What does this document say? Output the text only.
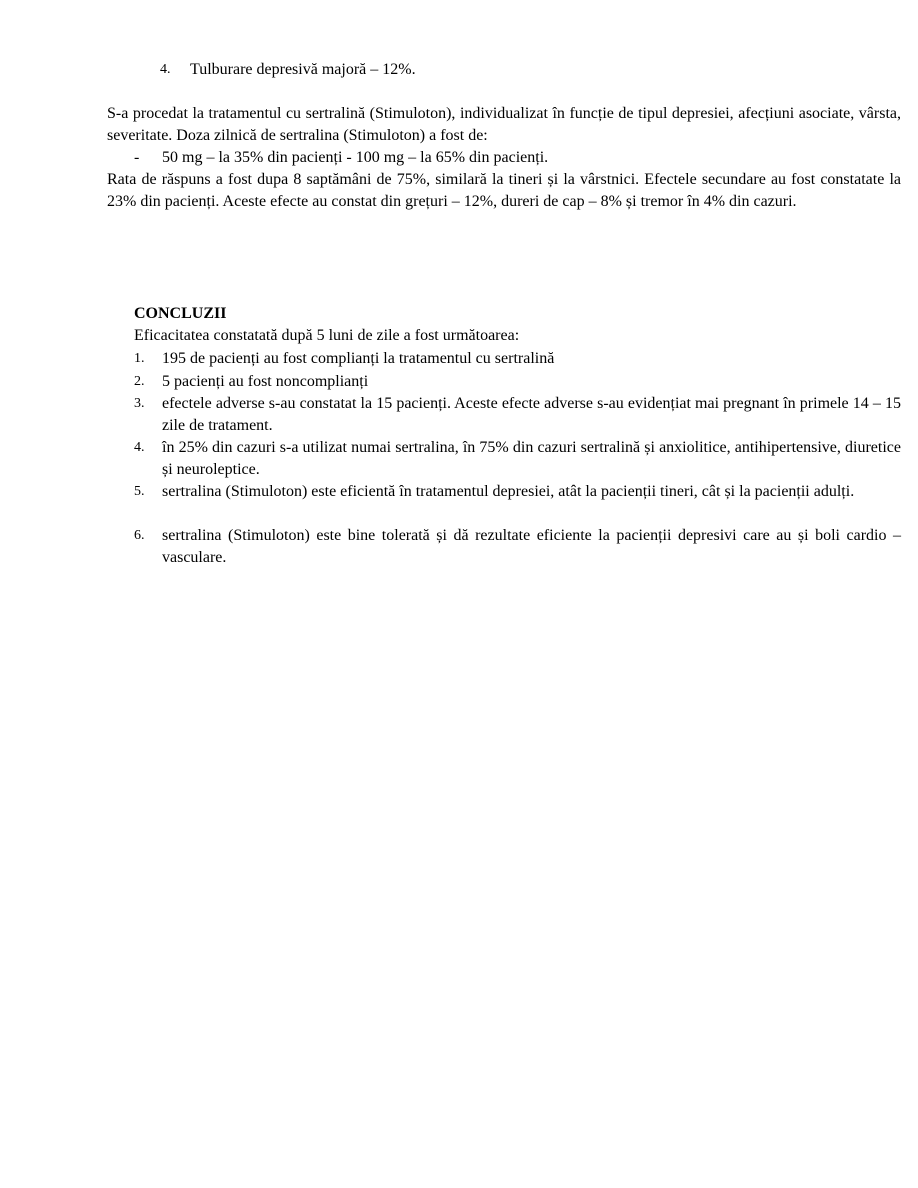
4.	Tulburare depresivă majoră – 12%.
S-a procedat la tratamentul cu sertralină (Stimuloton), individualizat în funcție de tipul depresiei, afecțiuni asociate, vârsta, severitate. Doza zilnică de sertralina (Stimuloton) a fost de:
-	50 mg – la 35% din pacienți - 100 mg – la 65% din pacienți.
Rata de răspuns a fost dupa 8 saptămâni de 75%, similară la tineri și la vârstnici. Efectele secundare au fost constatate la 23% din pacienți. Aceste efecte au constat din grețuri – 12%, dureri de cap – 8% și tremor în 4% din cazuri.
CONCLUZII
Eficacitatea constatată după 5 luni de zile a fost următoarea:
1.	195 de pacienți au fost complianți la tratamentul cu sertralină
2.	5 pacienți au fost noncomplianți
3.	efectele adverse s-au constatat la 15 pacienți. Aceste efecte adverse s-au evidențiat mai pregnant în primele 14 – 15 zile de tratament.
4.	în 25% din cazuri s-a utilizat numai sertralina, în 75% din cazuri sertralină și anxiolitice, antihipertensive, diuretice și neuroleptice.
5.	sertralina (Stimuloton) este eficientă în tratamentul depresiei, atât la pacienții tineri, cât și la pacienții adulți.
6.	sertralina (Stimuloton) este bine tolerată și dă rezultate eficiente la pacienții depresivi care au și boli cardio – vasculare.
